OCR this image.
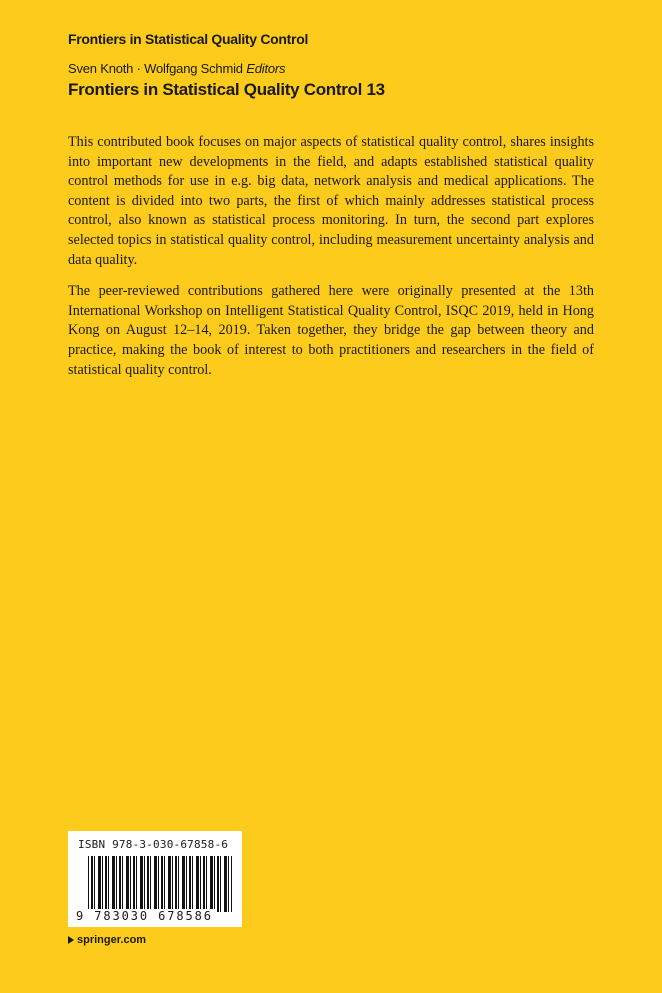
Frontiers in Statistical Quality Control
Sven Knoth · Wolfgang Schmid Editors
Frontiers in Statistical Quality Control 13

This contributed book focuses on major aspects of statistical quality control, shares insights into important new developments in the field, and adapts established statistical quality control methods for use in e.g. big data, network analysis and medical applications. The content is divided into two parts, the first of which mainly addresses statistical process control, also known as statistical process monitoring. In turn, the second part explores selected topics in statistical quality control, including measurement uncertainty analysis and data quality.

The peer-reviewed contributions gathered here were originally presented at the 13th International Workshop on Intelligent Statistical Quality Control, ISQC 2019, held in Hong Kong on August 12–14, 2019. Taken together, they bridge the gap between theory and practice, making the book of interest to both practitioners and researchers in the field of statistical quality control.

ISBN 978-3-030-67858-6
9 783030 678586
springer.com
